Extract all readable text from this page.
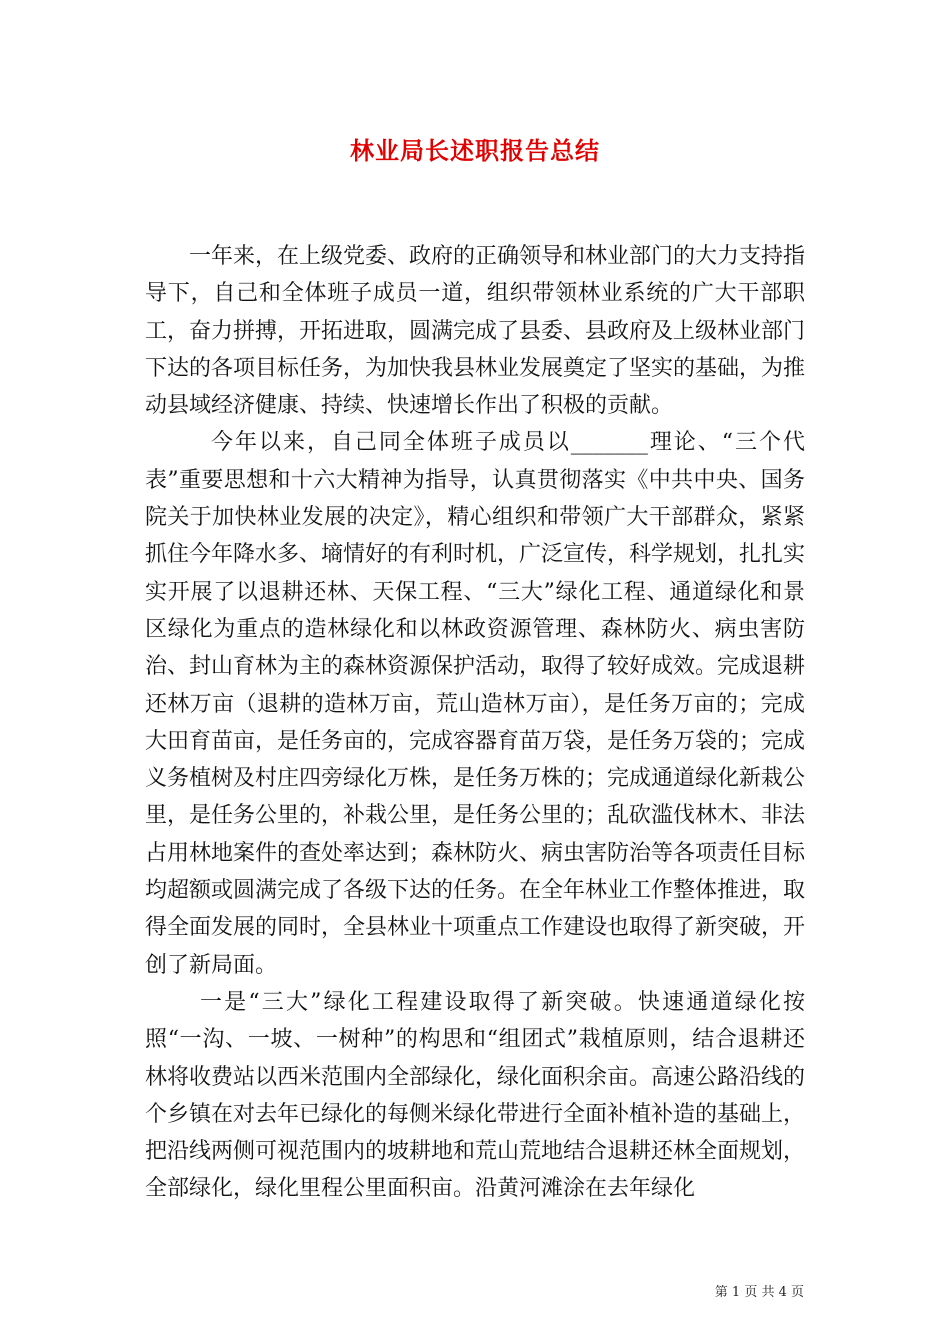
林业局长述职报告总结

一年来，在上级党委、政府的正确领导和林业部门的大力支持指导下，自己和全体班子成员一道，组织带领林业系统的广大干部职工，奋力拼搏，开拓进取，圆满完成了县委、县政府及上级林业部门下达的各项目标任务，为加快我县林业发展奠定了坚实的基础，为推动县域经济健康、持续、快速增长作出了积极的贡献。

今年以来，自己同全体班子成员以_______理论、“三个代表”重要思想和十六大精神为指导，认真贯彻落实《中共中央、国务院关于加快林业发展的决定》，精心组织和带领广大干部群众，紧紧抓住今年降水多、墒情好的有利时机，广泛宣传，科学规划，扎扎实实开展了以退耕还林、天保工程、“三大”绿化工程、通道绿化和景区绿化为重点的造林绿化和以林政资源管理、森林防火、病虫害防治、封山育林为主的森林资源保护活动，取得了较好成效。完成退耕还林万亩（退耕的造林万亩，荒山造林万亩），是任务万亩的；完成大田育苗亩，是任务亩的，完成容器育苗万袋，是任务万袋的；完成义务植树及村庄四旁绿化万株，是任务万株的；完成通道绿化新栽公里，是任务公里的，补栽公里，是任务公里的；乱砍滥伐林木、非法占用林地案件的查处率达到；森林防火、病虫害防治等各项责任目标均超额或圆满完成了各级下达的任务。在全年林业工作整体推进，取得全面发展的同时，全县林业十项重点工作建设也取得了新突破，开创了新局面。

一是“三大”绿化工程建设取得了新突破。快速通道绿化按照“一沟、一坡、一树种”的构思和“组团式”栽植原则，结合退耕还林将收费站以西米范围内全部绿化，绿化面积余亩。高速公路沿线的个乡镇在对去年已绿化的每侧米绿化带进行全面补植补造的基础上，把沿线两侧可视范围内的坡耕地和荒山荒地结合退耕还林全面规划，全部绿化，绿化里程公里面积亩。沿黄河滩涂在去年绿化

第 1 页 共 4 页
